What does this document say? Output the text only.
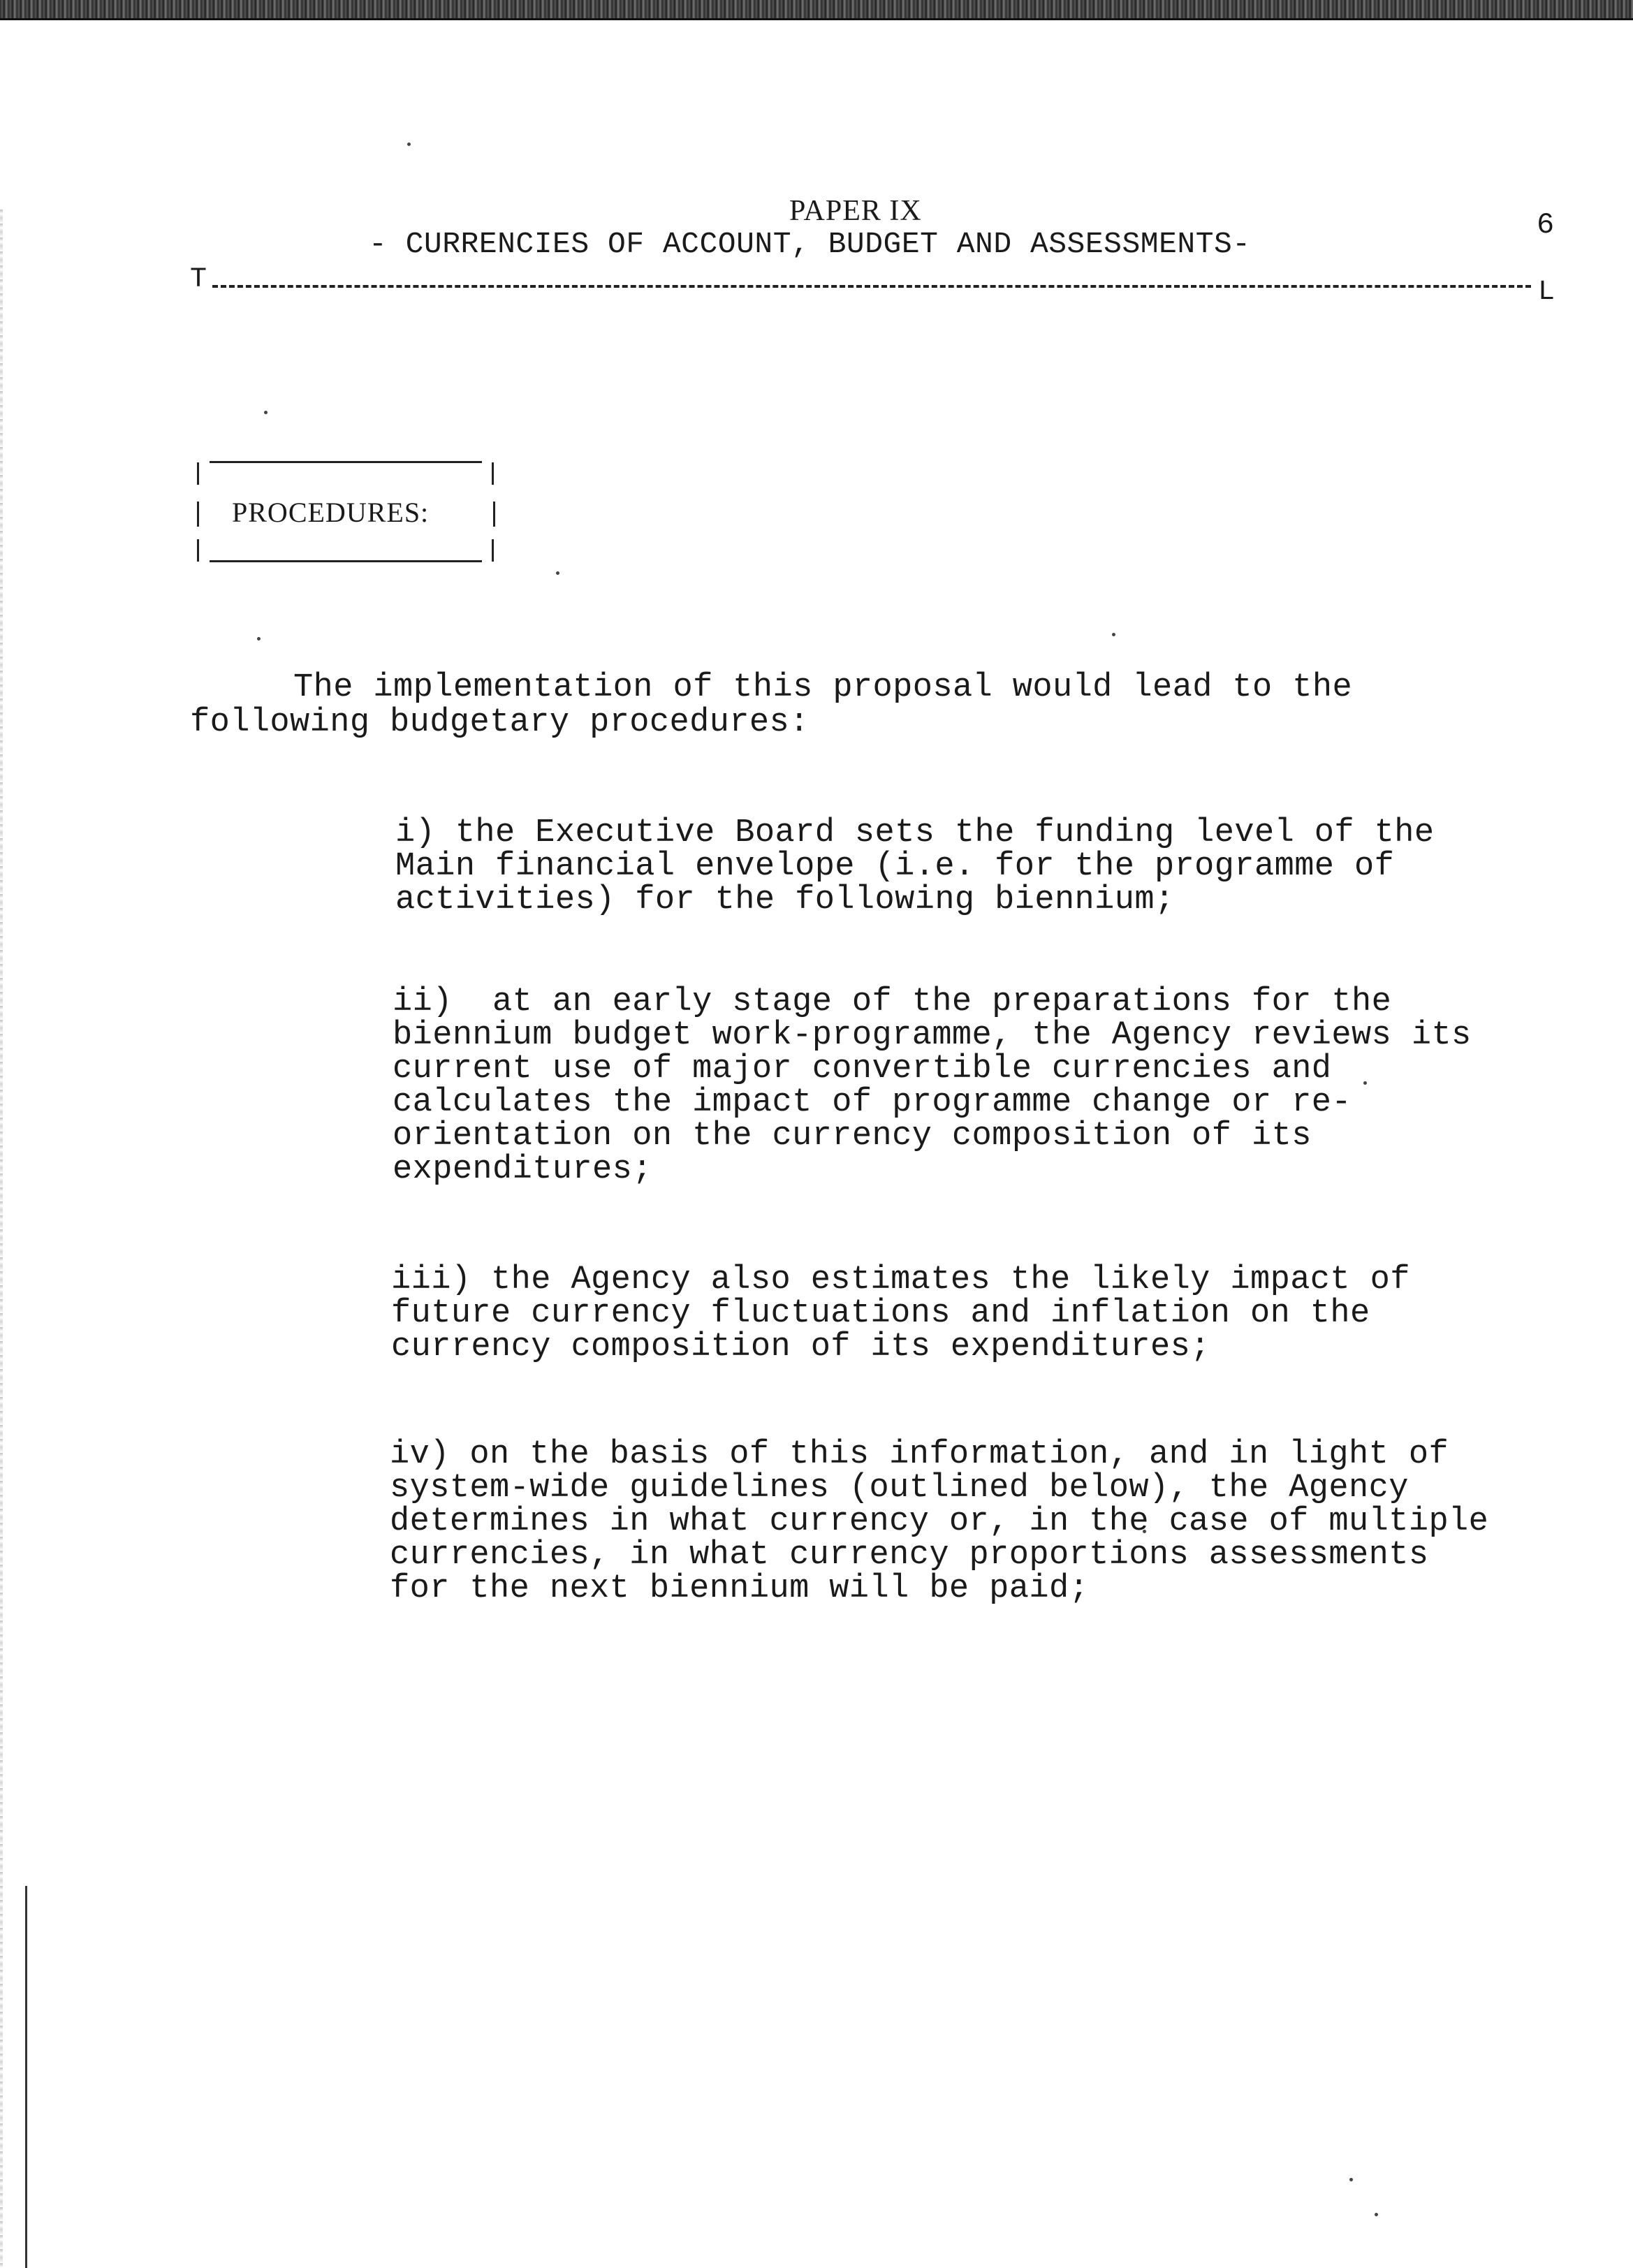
PAPER IX	6
- CURRENCIES OF ACCOUNT, BUDGET AND ASSESSMENTS-
T	L
PROCEDURES:
The implementation of this proposal would lead to the
following budgetary procedures:
i) the Executive Board sets the funding level of the
Main financial envelope (i.e. for the programme of
activities) for the following biennium;
ii)  at an early stage of the preparations for the
biennium budget work-programme, the Agency reviews its
current use of major convertible currencies and
calculates the impact of programme change or re-
orientation on the currency composition of its
expenditures;
iii) the Agency also estimates the likely impact of
future currency fluctuations and inflation on the
currency composition of its expenditures;
iv) on the basis of this information, and in light of
system-wide guidelines (outlined below), the Agency
determines in what currency or, in the case of multiple
currencies, in what currency proportions assessments
for the next biennium will be paid;
